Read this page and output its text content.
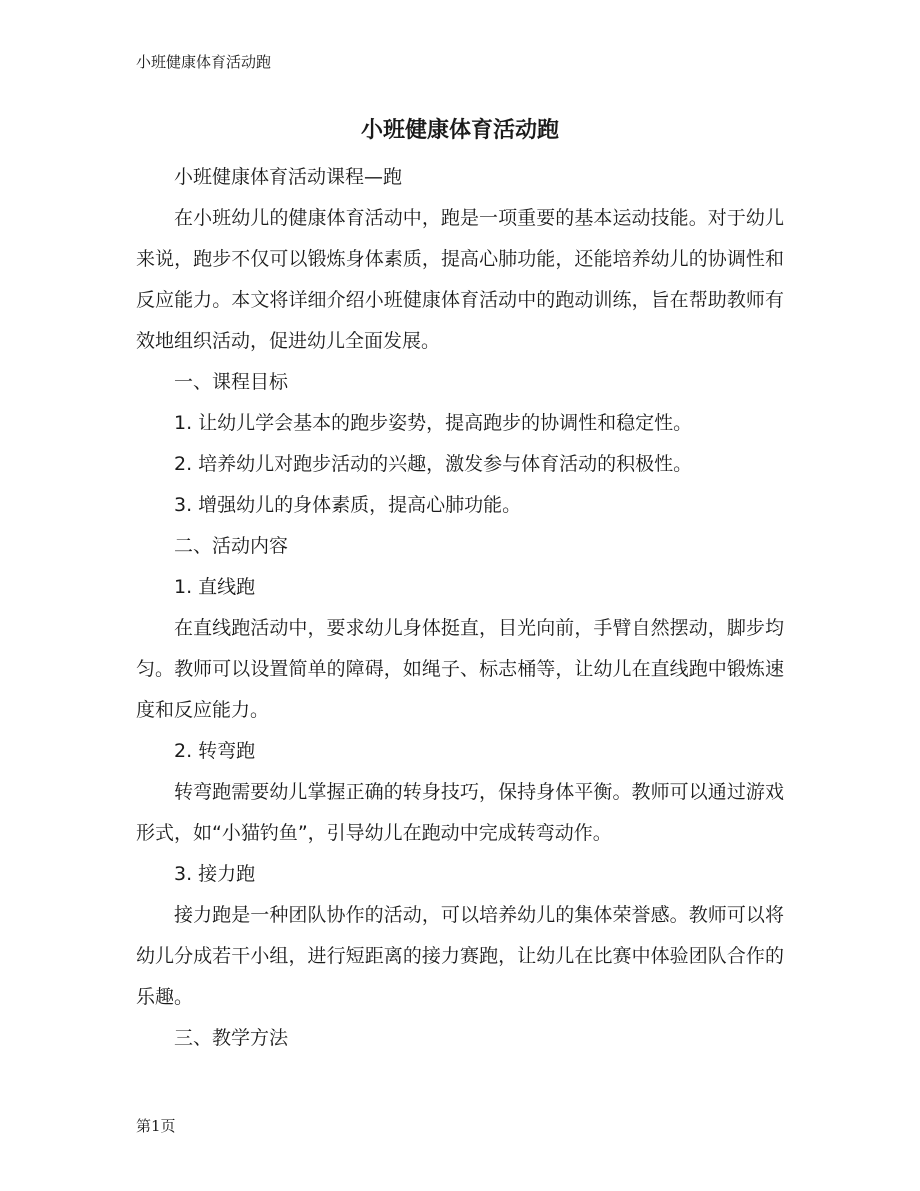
小班健康体育活动跑
小班健康体育活动跑

小班健康体育活动课程—跑

在小班幼儿的健康体育活动中，跑是一项重要的基本运动技能。对于幼儿来说，跑步不仅可以锻炼身体素质，提高心肺功能，还能培养幼儿的协调性和反应能力。本文将详细介绍小班健康体育活动中的跑动训练，旨在帮助教师有效地组织活动，促进幼儿全面发展。

一、课程目标

1. 让幼儿学会基本的跑步姿势，提高跑步的协调性和稳定性。

2. 培养幼儿对跑步活动的兴趣，激发参与体育活动的积极性。

3. 增强幼儿的身体素质，提高心肺功能。

二、活动内容

1. 直线跑

在直线跑活动中，要求幼儿身体挺直，目光向前，手臂自然摆动，脚步均匀。教师可以设置简单的障碍，如绳子、标志桶等，让幼儿在直线跑中锻炼速度和反应能力。

2. 转弯跑

转弯跑需要幼儿掌握正确的转身技巧，保持身体平衡。教师可以通过游戏形式，如“小猫钓鱼”，引导幼儿在跑动中完成转弯动作。

3. 接力跑

接力跑是一种团队协作的活动，可以培养幼儿的集体荣誉感。教师可以将幼儿分成若干小组，进行短距离的接力赛跑，让幼儿在比赛中体验团队合作的乐趣。

三、教学方法

第1页
